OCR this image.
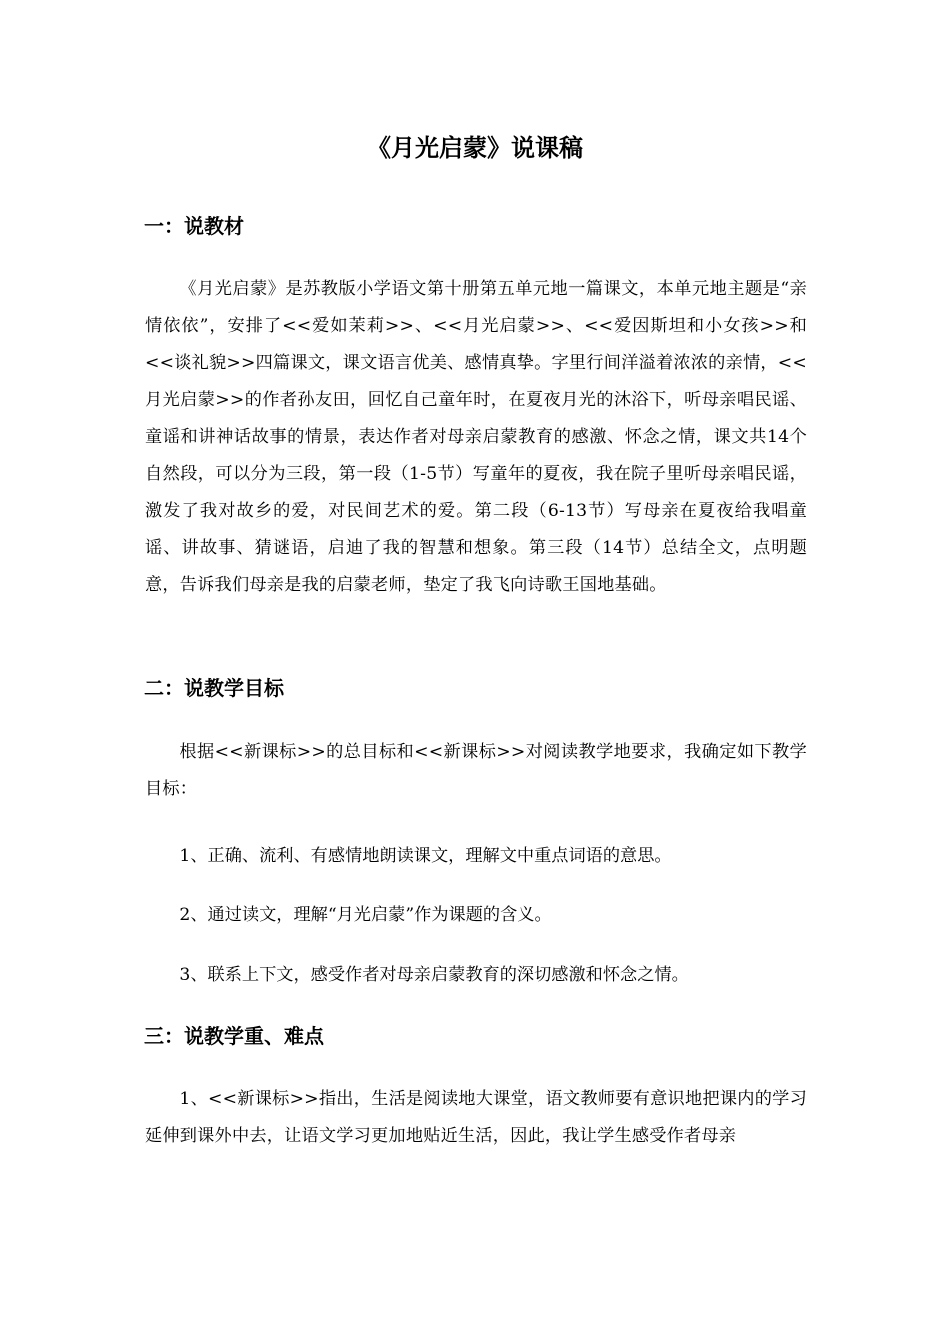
《月光启蒙》说课稿
一：说教材

《月光启蒙》是苏教版小学语文第十册第五单元地一篇课文，本单元地主题是“亲情依依”，安排了<<爱如茉莉>>、<<月光启蒙>>、<<爱因斯坦和小女孩>>和<<谈礼貌>>四篇课文，课文语言优美、感情真挚。字里行间洋溢着浓浓的亲情，<<月光启蒙>>的作者孙友田，回忆自己童年时，在夏夜月光的沐浴下，听母亲唱民谣、童谣和讲神话故事的情景，表达作者对母亲启蒙教育的感激、怀念之情，课文共14个自然段，可以分为三段，第一段（1-5节）写童年的夏夜，我在院子里听母亲唱民谣，激发了我对故乡的爱，对民间艺术的爱。第二段（6-13节）写母亲在夏夜给我唱童谣、讲故事、猜谜语，启迪了我的智慧和想象。第三段（14节）总结全文，点明题意，告诉我们母亲是我的启蒙老师，垫定了我飞向诗歌王国地基础。

二：说教学目标

根据<<新课标>>的总目标和<<新课标>>对阅读教学地要求，我确定如下教学目标：

1、正确、流利、有感情地朗读课文，理解文中重点词语的意思。

2、通过读文，理解“月光启蒙”作为课题的含义。

3、联系上下文，感受作者对母亲启蒙教育的深切感激和怀念之情。

三：说教学重、难点

1、<<新课标>>指出，生活是阅读地大课堂，语文教师要有意识地把课内的学习延伸到课外中去，让语文学习更加地贴近生活，因此，我让学生感受作者母亲
